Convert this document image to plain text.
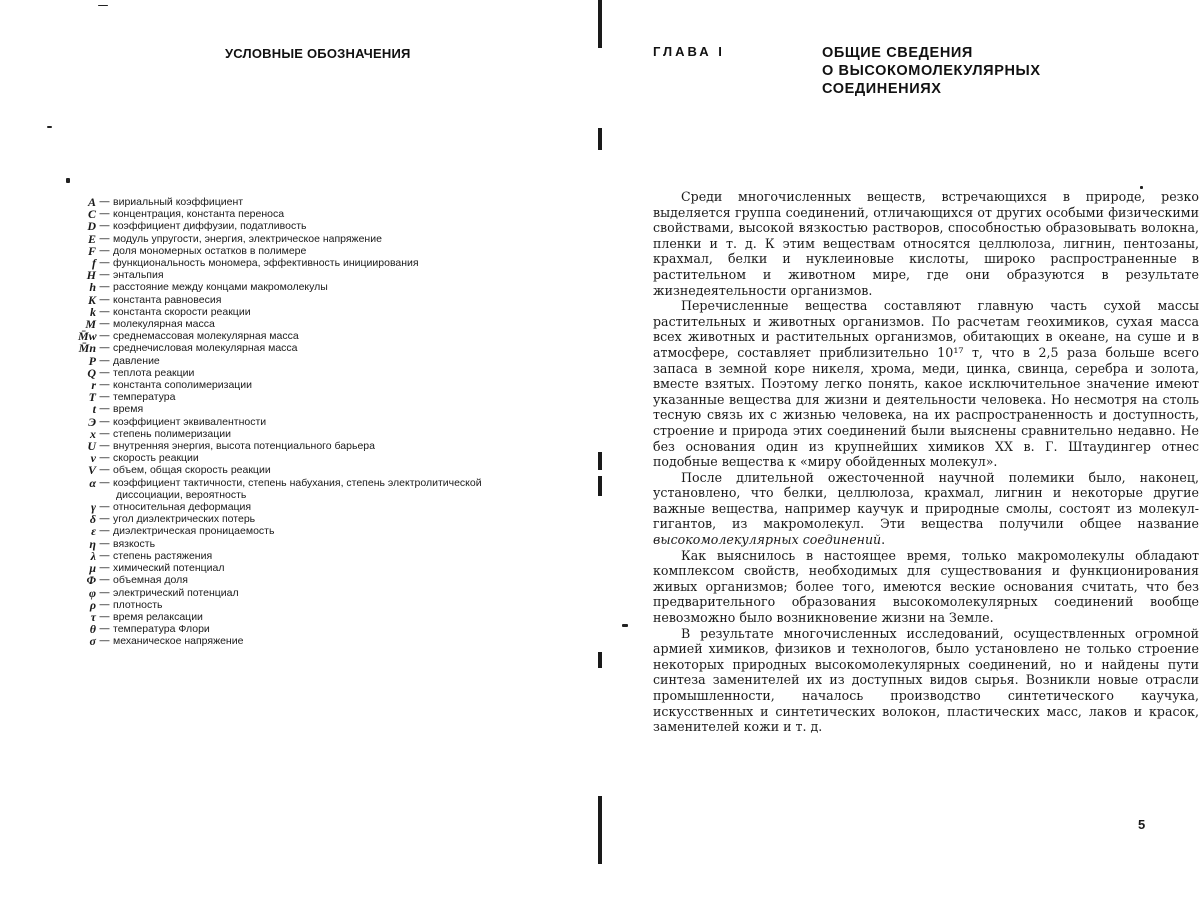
УСЛОВНЫЕ ОБОЗНАЧЕНИЯ
A — вириальный коэффициент
C — концентрация, константа переноса
D — коэффициент диффузии, податливость
E — модуль упругости, энергия, электрическое напряжение
F — доля мономерных остатков в полимере
f — функциональность мономера, эффективность инициирования
H — энтальпия
h — расстояние между концами макромолекулы
K — константа равновесия
k — константа скорости реакции
M — молекулярная масса
M̄w — среднемассовая молекулярная масса
M̄n — среднечисловая молекулярная масса
P — давление
Q — теплота реакции
r — константа сополимеризации
T — температура
t — время
Э — коэффициент эквивалентности
x — степень полимеризации
U — внутренняя энергия, высота потенциального барьера
v — скорость реакции
V — объем, общая скорость реакции
α — коэффициент тактичности, степень набухания, степень электролитической
диссоциации, вероятность
γ — относительная деформация
δ — угол диэлектрических потерь
ε — диэлектрическая проницаемость
η — вязкость
λ — степень растяжения
μ — химический потенциал
Φ — объемная доля
φ — электрический потенциал
ρ — плотность
τ — время релаксации
θ — температура Флори
σ — механическое напряжение
ГЛАВА I	ОБЩИЕ СВЕДЕНИЯ
О ВЫСОКОМОЛЕКУЛЯРНЫХ
СОЕДИНЕНИЯХ

Среди многочисленных веществ, встречающихся в природе, резко выделяется группа соединений, отличающихся от других особыми физическими свойствами, высокой вязкостью растворов, способностью образовывать волокна, пленки и т. д. К этим веществам относятся целлюлоза, лигнин, пентозаны, крахмал, белки и нуклеиновые кислоты, широко распространенные в растительном и животном мире, где они образуются в результате жизнедеятельности организмов.

Перечисленные вещества составляют главную часть сухой массы растительных и животных организмов. По расчетам геохимиков, сухая масса всех животных и растительных организмов, обитающих в океане, на суше и в атмосфере, составляет приблизительно 10¹⁷ т, что в 2,5 раза больше всего запаса в земной коре никеля, хрома, меди, цинка, свинца, серебра и золота, вместе взятых. Поэтому легко понять, какое исключительное значение имеют указанные вещества для жизни и деятельности человека. Но несмотря на столь тесную связь их с жизнью человека, на их распространенность и доступность, строение и природа этих соединений были выяснены сравнительно недавно. Не без основания один из крупнейших химиков XX в. Г. Штаудингер отнес подобные вещества к «миру обойденных молекул».

После длительной ожесточенной научной полемики было, наконец, установлено, что белки, целлюлоза, крахмал, лигнин и некоторые другие важные вещества, например каучук и природные смолы, состоят из молекул-гигантов, из макромолекул. Эти вещества получили общее название высокомолекулярных соединений.

Как выяснилось в настоящее время, только макромолекулы обладают комплексом свойств, необходимых для существования и функционирования живых организмов; более того, имеются веские основания считать, что без предварительного образования высокомолекулярных соединений вообще невозможно было возникновение жизни на Земле.

В результате многочисленных исследований, осуществленных огромной армией химиков, физиков и технологов, было установлено не только строение некоторых природных высокомолекулярных соединений, но и найдены пути синтеза заменителей их из доступных видов сырья. Возникли новые отрасли промышленности, началось производство синтетического каучука, искусственных и синтетических волокон, пластических масс, лаков и красок, заменителей кожи и т. д.

5
